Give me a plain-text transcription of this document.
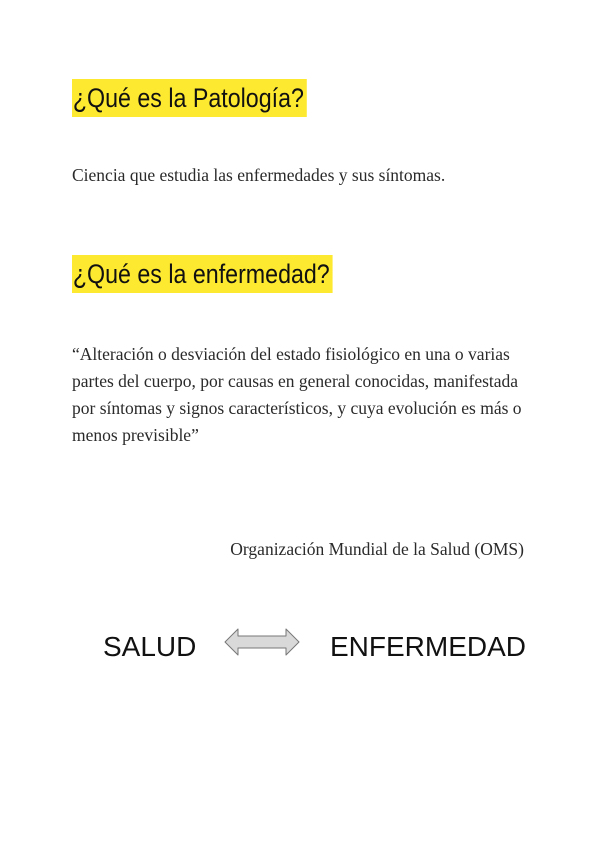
¿Qué es la Patología?

Ciencia que estudia las enfermedades y sus síntomas.

¿Qué es la enfermedad?

“Alteración o desviación del estado fisiológico en una o varias partes del cuerpo, por causas en general conocidas, manifestada por síntomas y signos característicos, y cuya evolución es más o menos previsible”

Organización Mundial de la Salud (OMS)

SALUD	ENFERMEDAD
